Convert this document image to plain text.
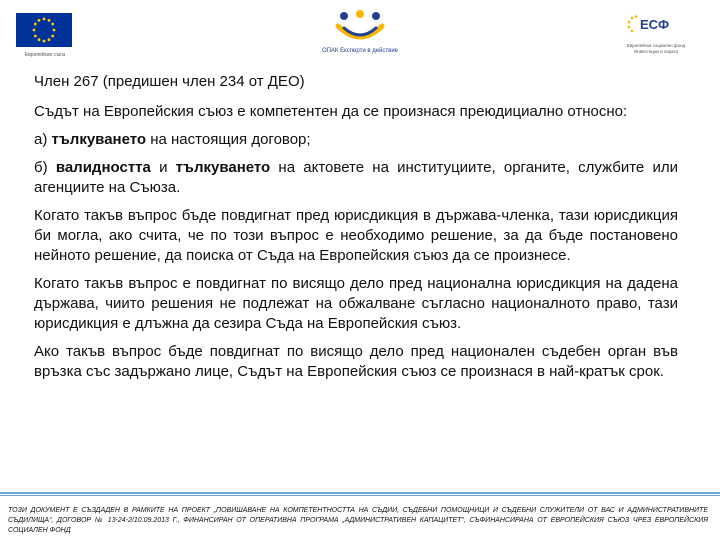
Европейски съюз
ОПАК Експерти в действие
ЕСФ
Европейски социален фонд Инвестиции в хората

Член 267 (предишен член 234 от ДЕО)

Съдът на Европейския съюз е компетентен да се произнася преюдициално относно:

а) тълкуването на настоящия договор;

б) валидността и тълкуването на актовете на институциите, органите, службите или агенциите на Съюза.

Когато такъв въпрос бъде повдигнат пред юрисдикция в държава-членка, тази юрисдикция би могла, ако счита, че по този въпрос е необходимо решение, за да бъде постановено нейното решение, да поиска от Съда на Европейския съюз да се произнесе.

Когато такъв въпрос е повдигнат по висящо дело пред национална юрисдикция на дадена държава, чиито решения не подлежат на обжалване съгласно националното право, тази юрисдикция е длъжна да сезира Съда на Европейския съюз.

Ако такъв въпрос бъде повдигнат по висящо дело пред национален съдебен орган във връзка със задържано лице, Съдът на Европейския съюз се произнася в най-кратък срок.

ТОЗИ ДОКУМЕНТ Е СЪЗДАДЕН В РАМКИТЕ НА ПРОЕКТ „ПОВИШАВАНЕ НА КОМПЕТЕНТНОСТТА НА СЪДИИ, СЪДЕБНИ ПОМОЩНИЦИ И СЪДЕБНИ СЛУЖИТЕЛИ ОТ ВАС И АДМИНИСТРАТИВНИТЕ СЪДИЛИЩА“, ДОГОВОР № 13-24-2/10.09.2013 Г., ФИНАНСИРАН ОТ ОПЕРАТИВНА ПРОГРАМА „АДМИНИСТРАТИВЕН КАПАЦИТЕТ“, СЪФИНАНСИРАНА ОТ ЕВРОПЕЙСКИЯ СЪЮЗ ЧРЕЗ ЕВРОПЕЙСКИЯ СОЦИАЛЕН ФОНД
